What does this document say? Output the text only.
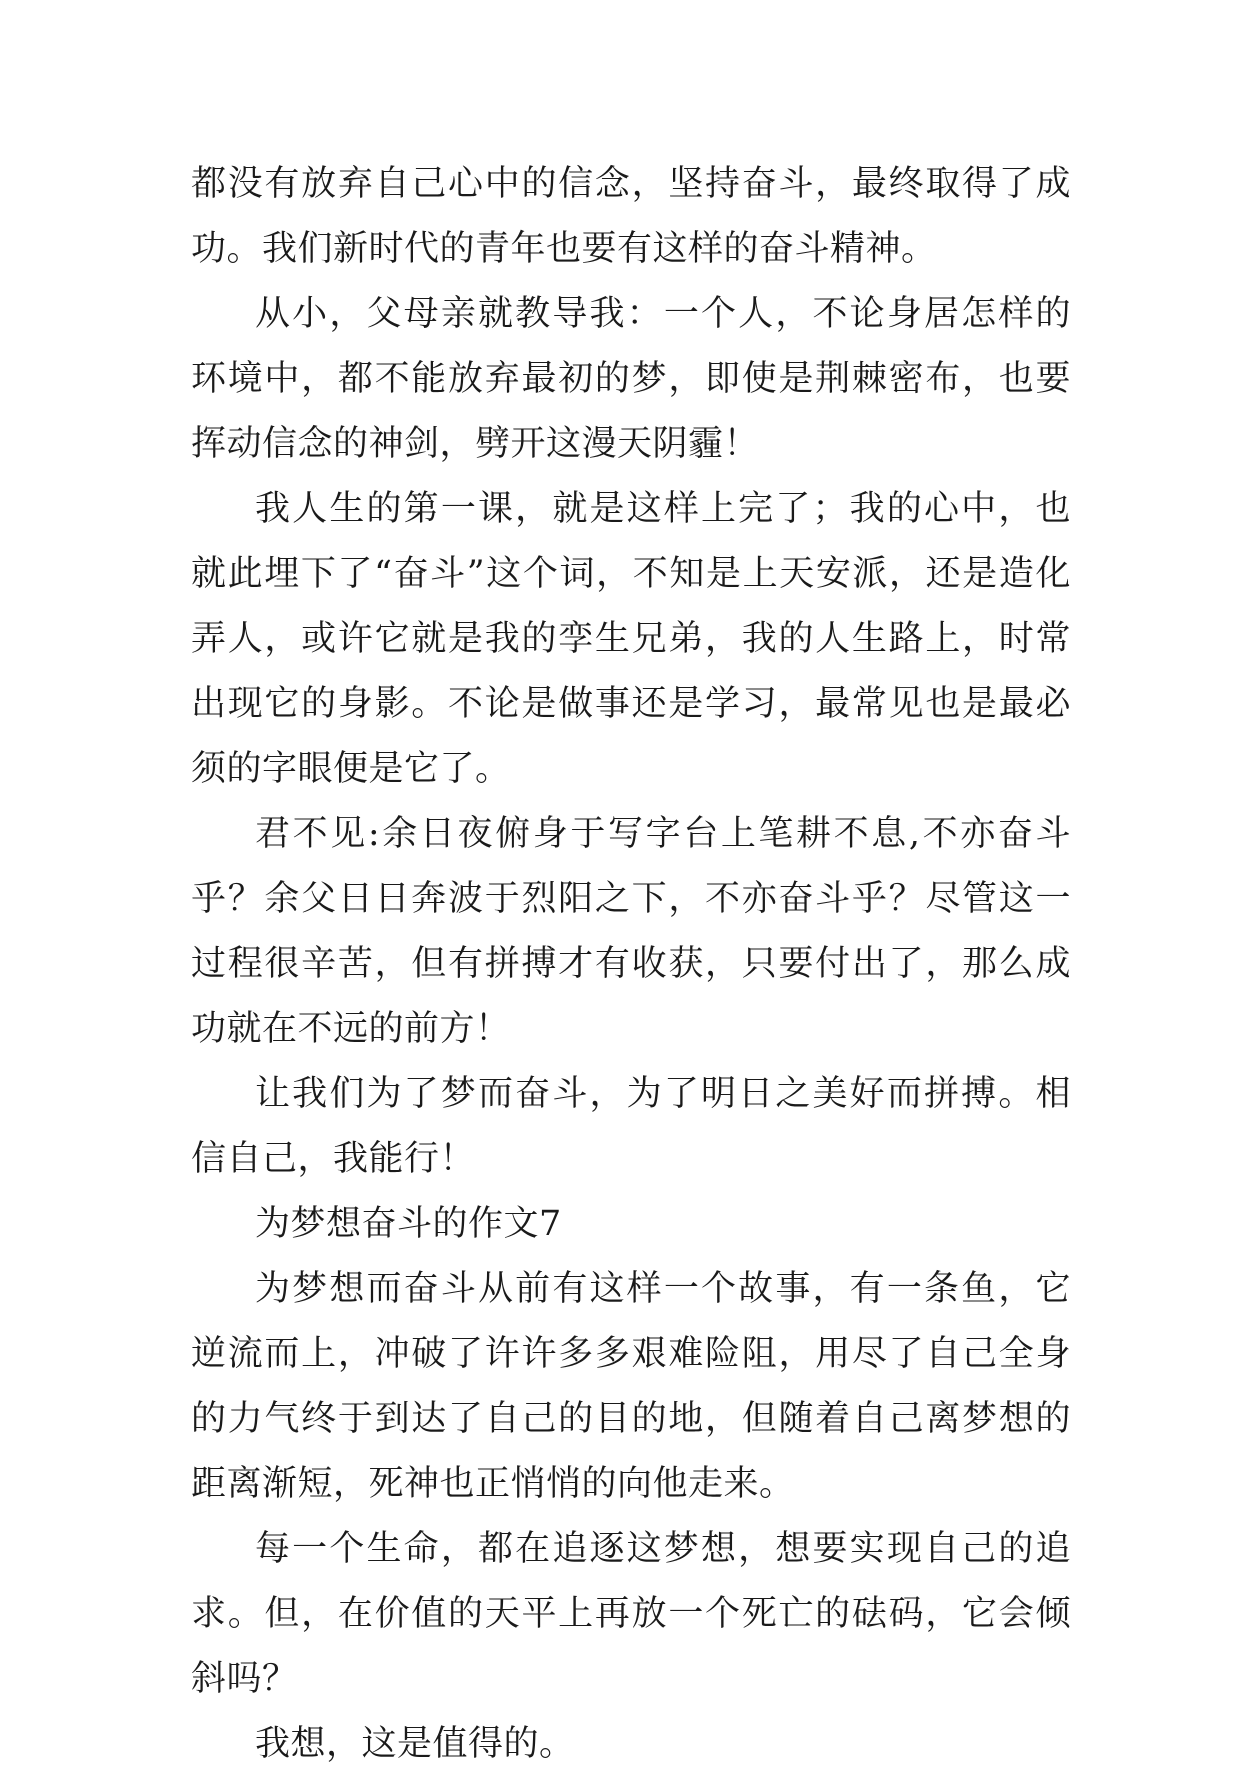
都没有放弃自己心中的信念，坚持奋斗，最终取得了成功。我们新时代的青年也要有这样的奋斗精神。

从小，父母亲就教导我：一个人，不论身居怎样的环境中，都不能放弃最初的梦，即使是荆棘密布，也要挥动信念的神剑，劈开这漫天阴霾！

我人生的第一课，就是这样上完了；我的心中，也就此埋下了“奋斗”这个词，不知是上天安派，还是造化弄人，或许它就是我的孪生兄弟，我的人生路上，时常出现它的身影。不论是做事还是学习，最常见也是最必须的字眼便是它了。

君不见:余日夜俯身于写字台上笔耕不息,不亦奋斗乎？余父日日奔波于烈阳之下，不亦奋斗乎？尽管这一过程很辛苦，但有拼搏才有收获，只要付出了，那么成功就在不远的前方！

让我们为了梦而奋斗，为了明日之美好而拼搏。相信自己，我能行！

为梦想奋斗的作文7

为梦想而奋斗从前有这样一个故事，有一条鱼，它逆流而上，冲破了许许多多艰难险阻，用尽了自己全身的力气终于到达了自己的目的地，但随着自己离梦想的距离渐短，死神也正悄悄的向他走来。

每一个生命，都在追逐这梦想，想要实现自己的追求。但，在价值的天平上再放一个死亡的砝码，它会倾斜吗？

我想，这是值得的。
